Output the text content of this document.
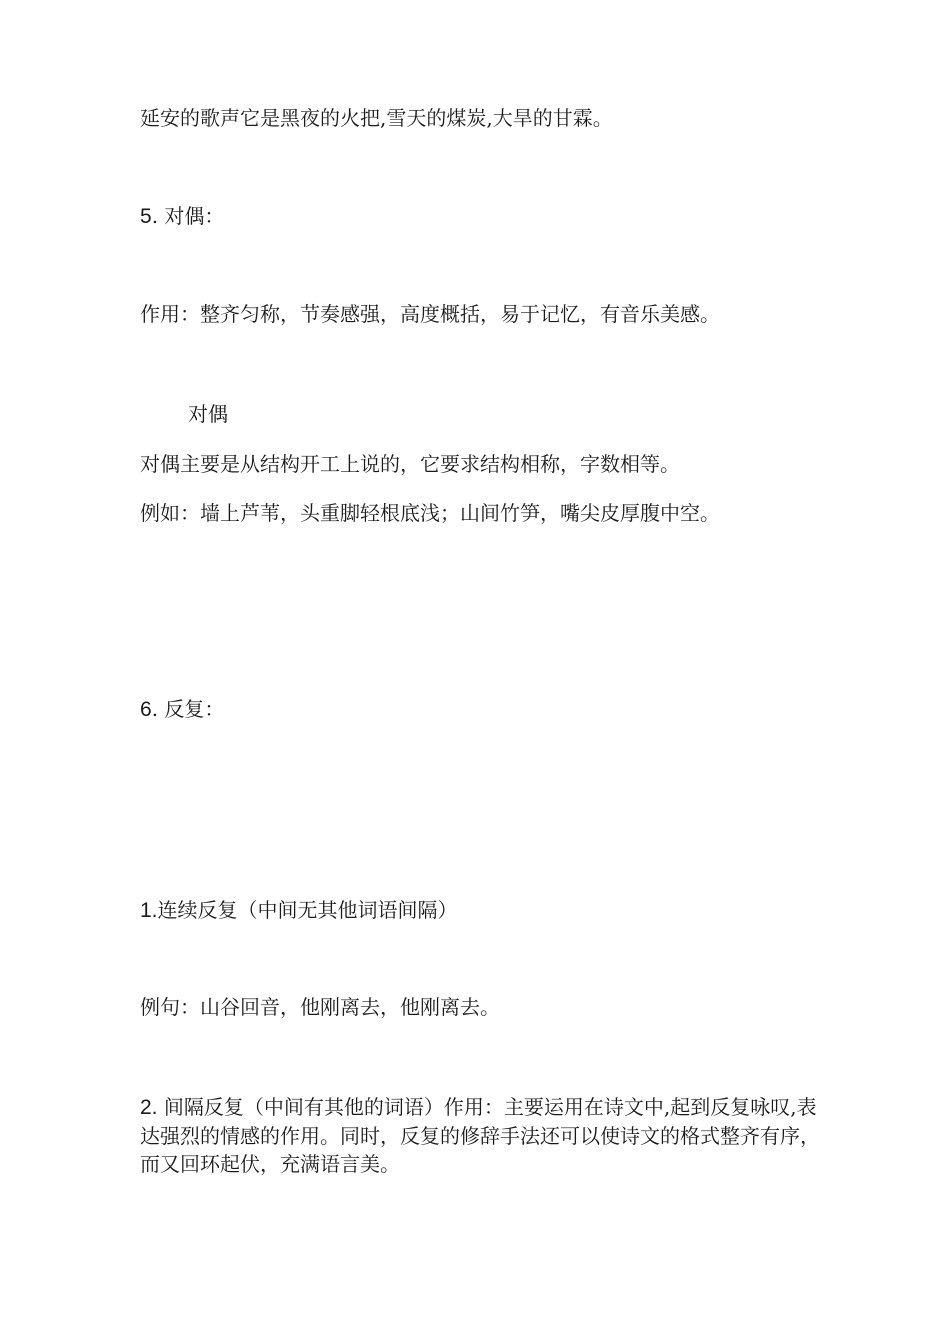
延安的歌声它是黑夜的火把,雪天的煤炭,大旱的甘霖。

5. 对偶：

作用：整齐匀称，节奏感强，高度概括，易于记忆，有音乐美感。

对偶

对偶主要是从结构开工上说的，它要求结构相称，字数相等。

例如：墙上芦苇，头重脚轻根底浅；山间竹笋，嘴尖皮厚腹中空。

6. 反复：

1.连续反复（中间无其他词语间隔）

例句：山谷回音，他刚离去，他刚离去。

2. 间隔反复（中间有其他的词语）作用：主要运用在诗文中,起到反复咏叹,表达强烈的情感的作用。同时，反复的修辞手法还可以使诗文的格式整齐有序，而又回环起伏，充满语言美。
